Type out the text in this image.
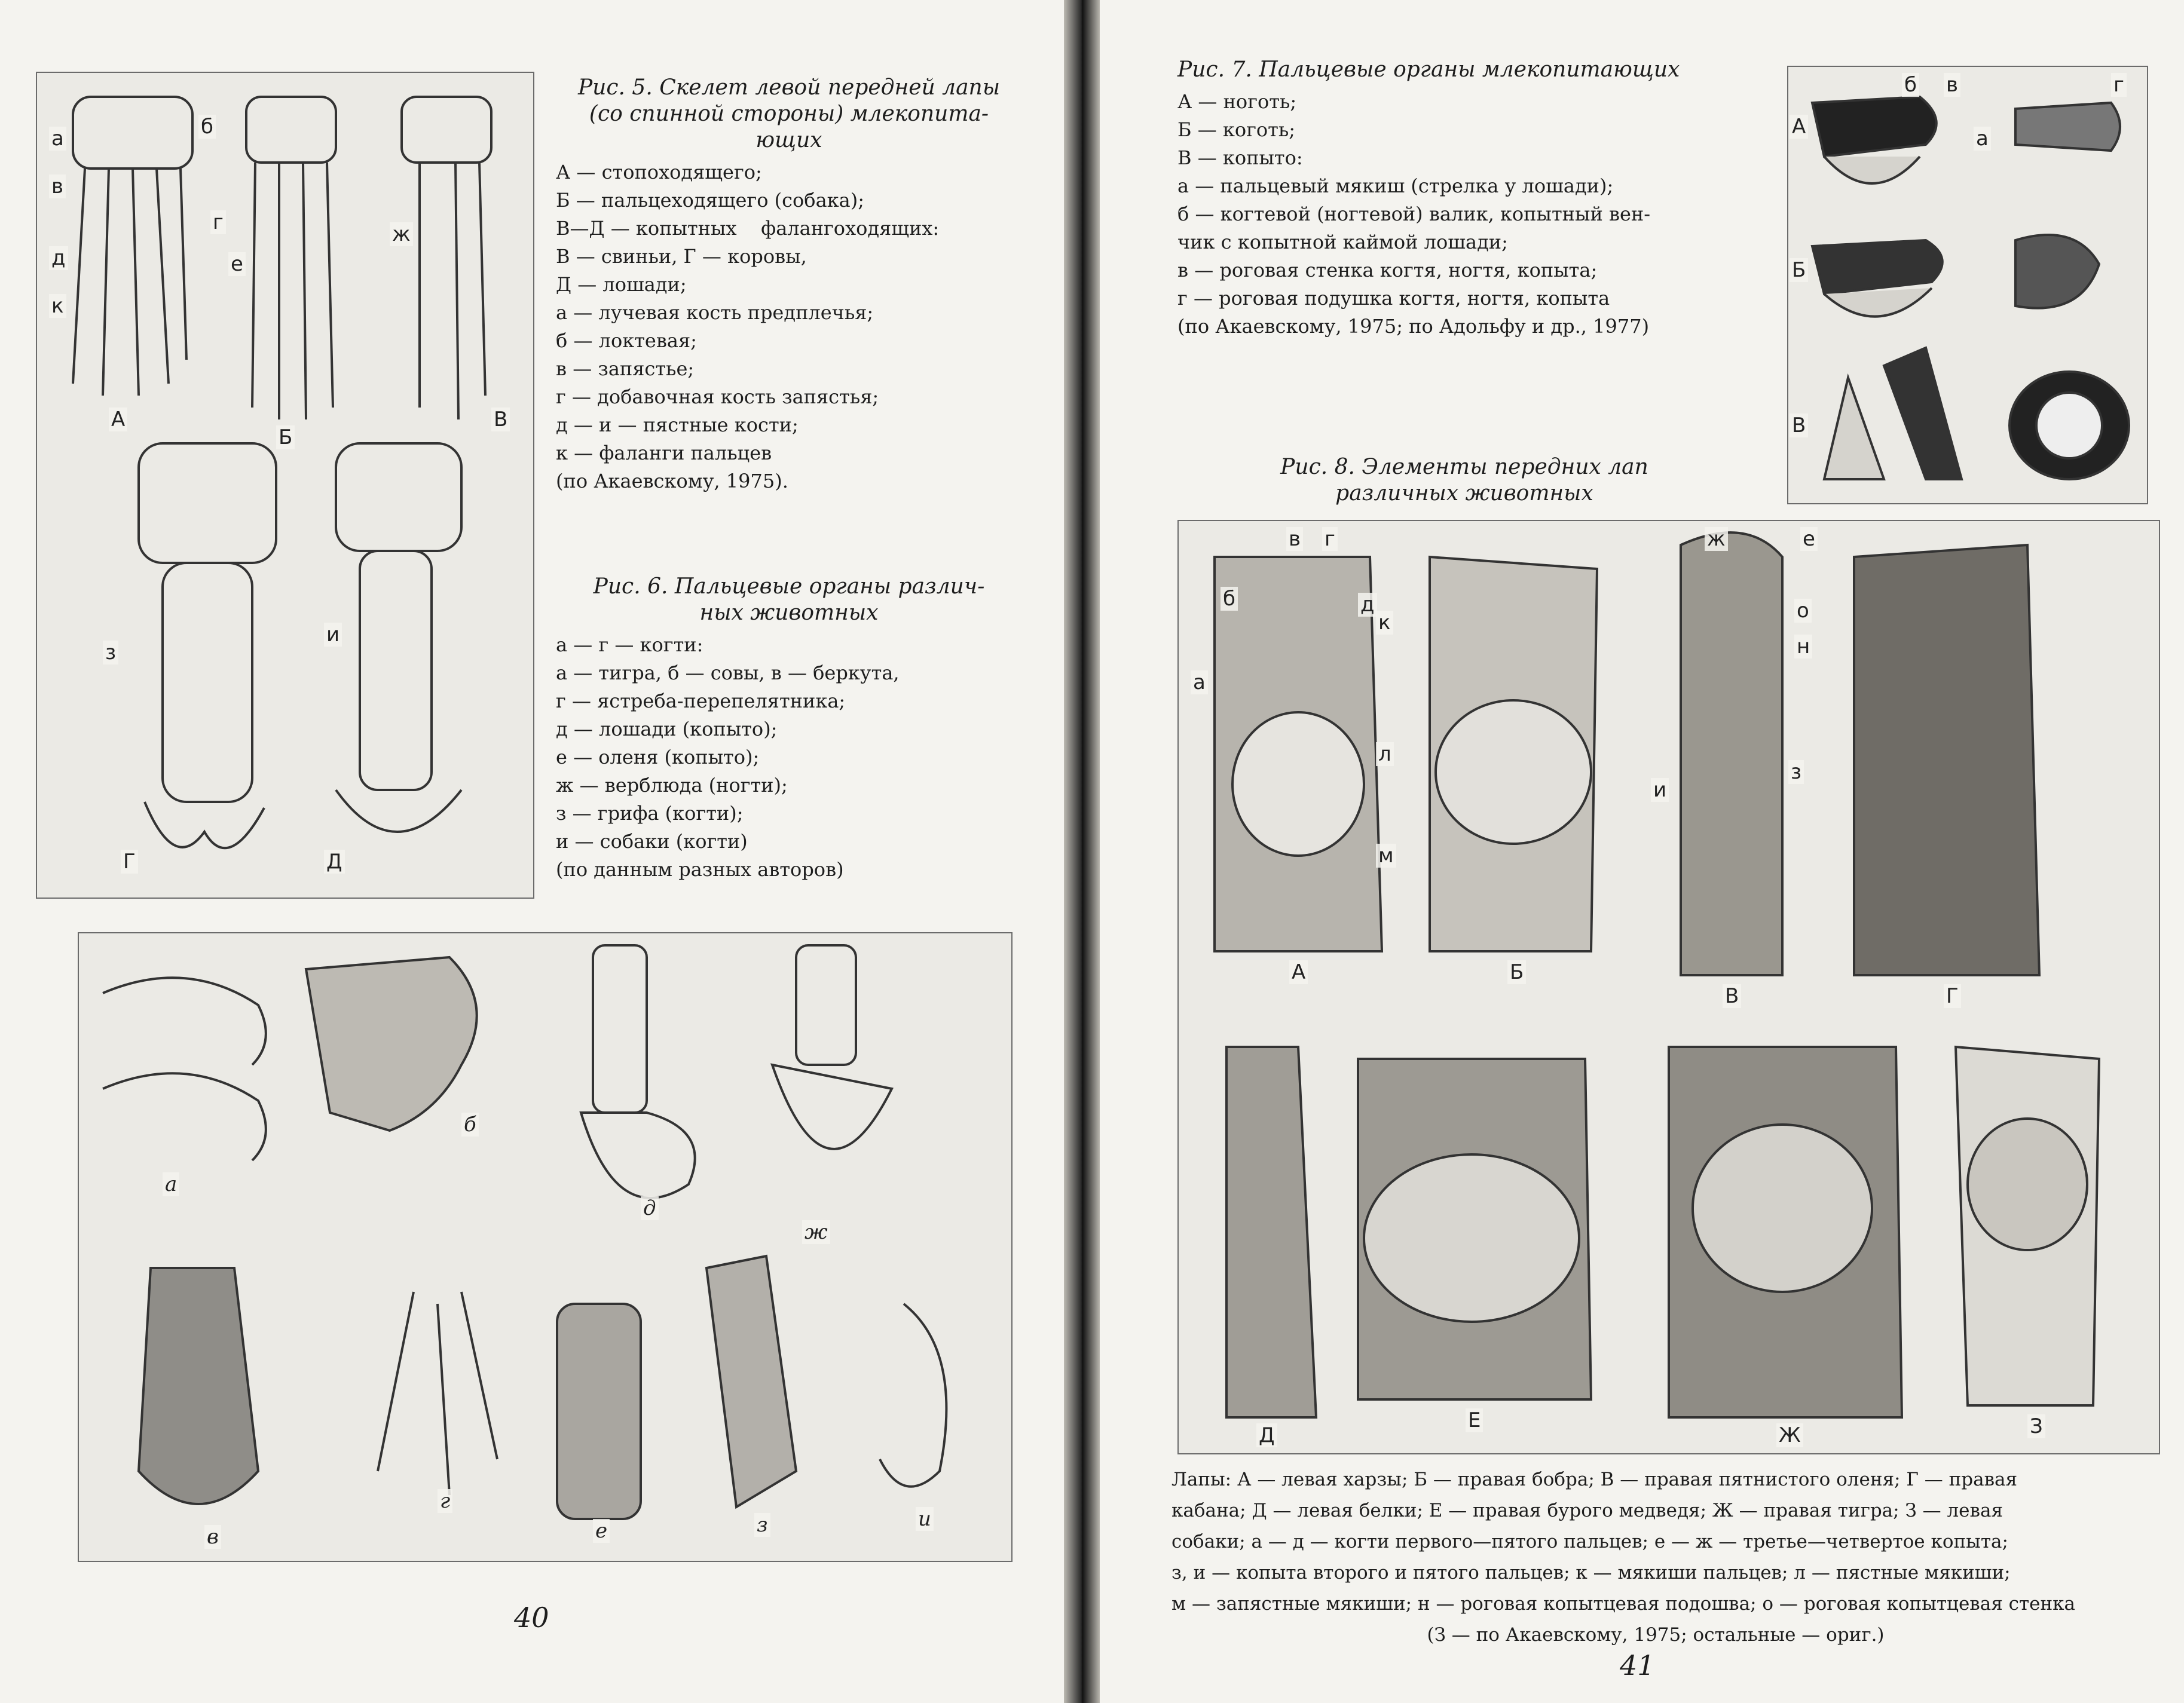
А
Б
В
Г	Д
а	б
в
г
д	е
ж
з
и
к
Рис. 5. Скелет левой передней лапы
(со спинной стороны) млекопита-
ющих
А — стопоходящего;
Б — пальцеходящего (собака);
В—Д — копытных    фалангоходящих:
В — свиньи, Г — коровы,
Д — лошади;
а — лучевая кость предплечья;
б — локтевая;
в — запястье;
г — добавочная кость запястья;
д — и — пястные кости;
к — фаланги пальцев
(по Акаевскому, 1975).
Рис. 6. Пальцевые органы различ-
ных животных
а — г — когти:
а — тигра, б — совы, в — беркута,
г — ястреба-перепелятника;
д — лошади (копыто);
е — оленя (копыто);
ж — верблюда (ногти);
з — грифа (когти);
и — собаки (когти)
(по данным разных авторов)
а
б
в
г
д
е
ж
з	и
40
Рис. 7. Пальцевые органы млекопитающих
А — ноготь;
Б — коготь;
В — копыто:
а — пальцевый мякиш (стрелка у лошади);
б — когтевой (ногтевой) валик, копытный вен-
чик с копытной каймой лошади;
в — роговая стенка когтя, ногтя, копыта;
г — роговая подушка когтя, ногтя, копыта
(по Акаевскому, 1975; по Адольфу и др., 1977)
А
Б
В
а
б в	г
Рис. 8. Элементы передних лап
различных животных
А	Б
В	Г
Д
Е
Ж	З
а
б
в г
д
е
ж
з
и
к
л
м
н
о
Лапы: А — левая харзы; Б — правая бобра; В — правая пятнистого оленя; Г — правая
кабана; Д — левая белки; Е — правая бурого медведя; Ж — правая тигра; З — левая
собаки; а — д — когти первого—пятого пальцев; е — ж — третье—четвертое копыта;
з, и — копыта второго и пятого пальцев; к — мякиши пальцев; л — пястные мякиши;
м — запястные мякиши; н — роговая копытцевая подошва; о — роговая копытцевая стенка
(З — по Акаевскому, 1975; остальные — ориг.)
41
